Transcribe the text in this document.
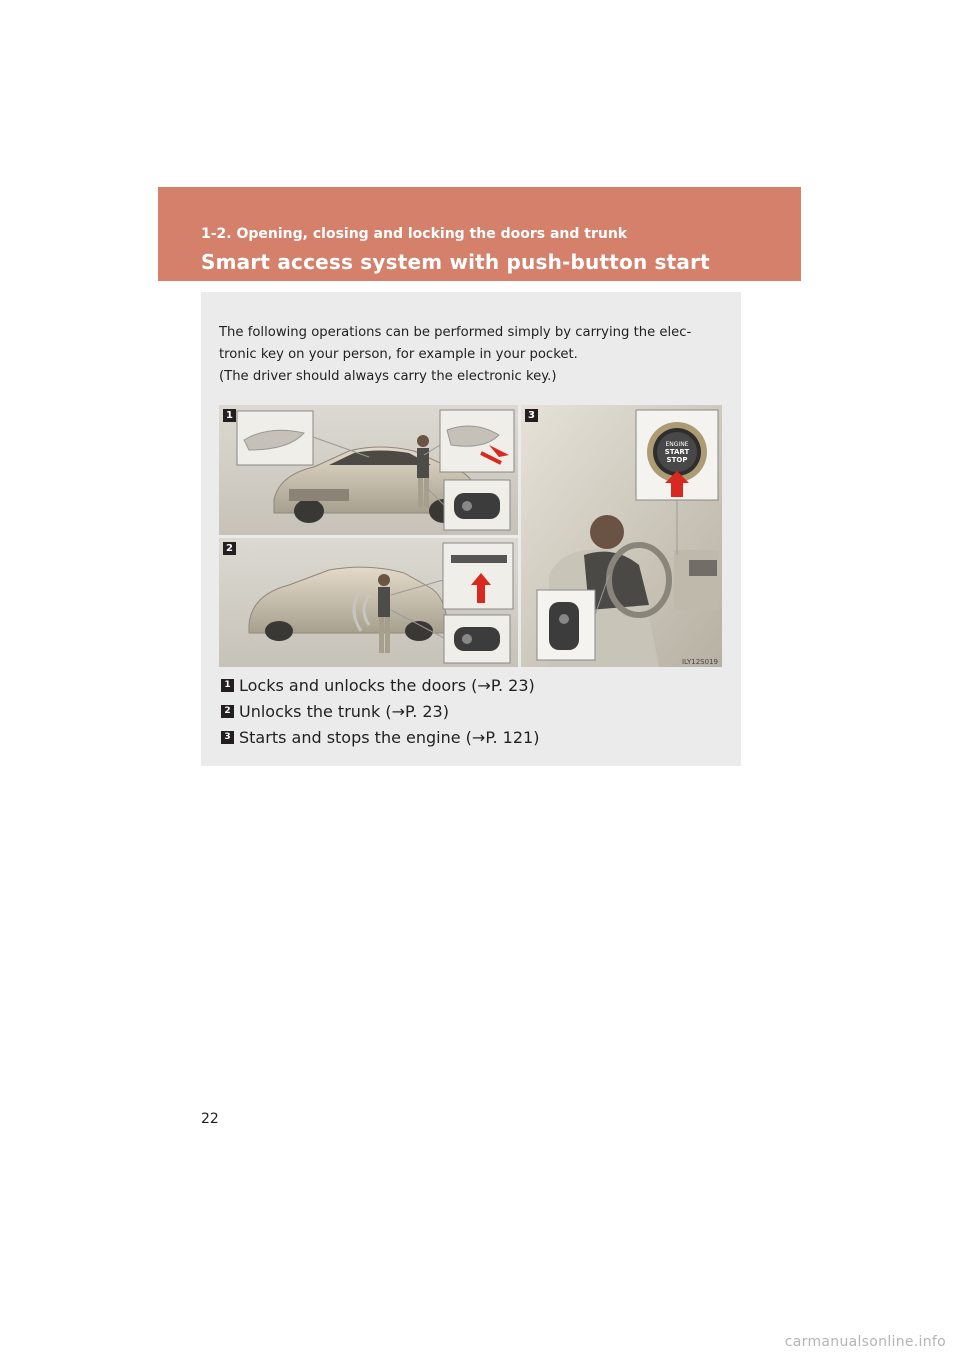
1-2. Opening, closing and locking the doors and trunk
Smart access system with push-button start

The following operations can be performed simply by carrying the elec-
tronic key on your person, for example in your pocket.
(The driver should always carry the electronic key.)

ENGINE
START
STOP
ILY12S019
1
2
3
1 Locks and unlocks the doors (→P. 23)
2 Unlocks the trunk (→P. 23)
3 Starts and stops the engine (→P. 121)
22
carmanualsonline.info
